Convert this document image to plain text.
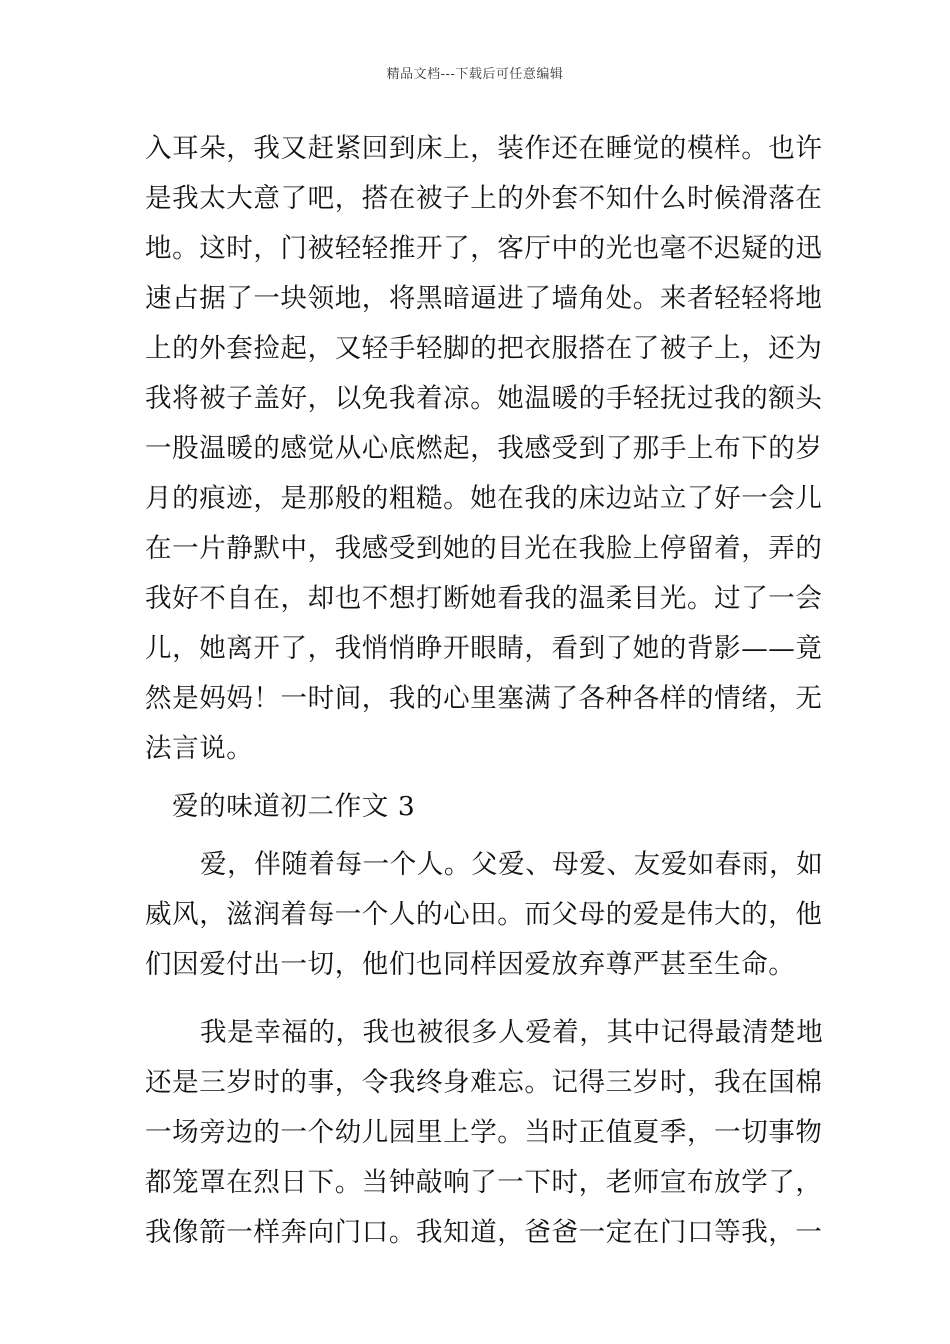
精品文档---下载后可任意编辑
入耳朵，我又赶紧回到床上，装作还在睡觉的模样。也许
是我太大意了吧，搭在被子上的外套不知什么时候滑落在
地。这时，门被轻轻推开了，客厅中的光也毫不迟疑的迅
速占据了一块领地，将黑暗逼进了墙角处。来者轻轻将地
上的外套捡起，又轻手轻脚的把衣服搭在了被子上，还为
我将被子盖好，以免我着凉。她温暖的手轻抚过我的额头
一股温暖的感觉从心底燃起，我感受到了那手上布下的岁
月的痕迹，是那般的粗糙。她在我的床边站立了好一会儿
在一片静默中，我感受到她的目光在我脸上停留着，弄的
我好不自在，却也不想打断她看我的温柔目光。过了一会
儿，她离开了，我悄悄睁开眼睛，看到了她的背影——竟
然是妈妈！一时间，我的心里塞满了各种各样的情绪，无
法言说。
爱的味道初二作文 3
爱，伴随着每一个人。父爱、母爱、友爱如春雨，如
威风，滋润着每一个人的心田。而父母的爱是伟大的，他
们因爱付出一切，他们也同样因爱放弃尊严甚至生命。
我是幸福的，我也被很多人爱着，其中记得最清楚地
还是三岁时的事，令我终身难忘。记得三岁时，我在国棉
一场旁边的一个幼儿园里上学。当时正值夏季，一切事物
都笼罩在烈日下。当钟敲响了一下时，老师宣布放学了，
我像箭一样奔向门口。我知道，爸爸一定在门口等我，一
